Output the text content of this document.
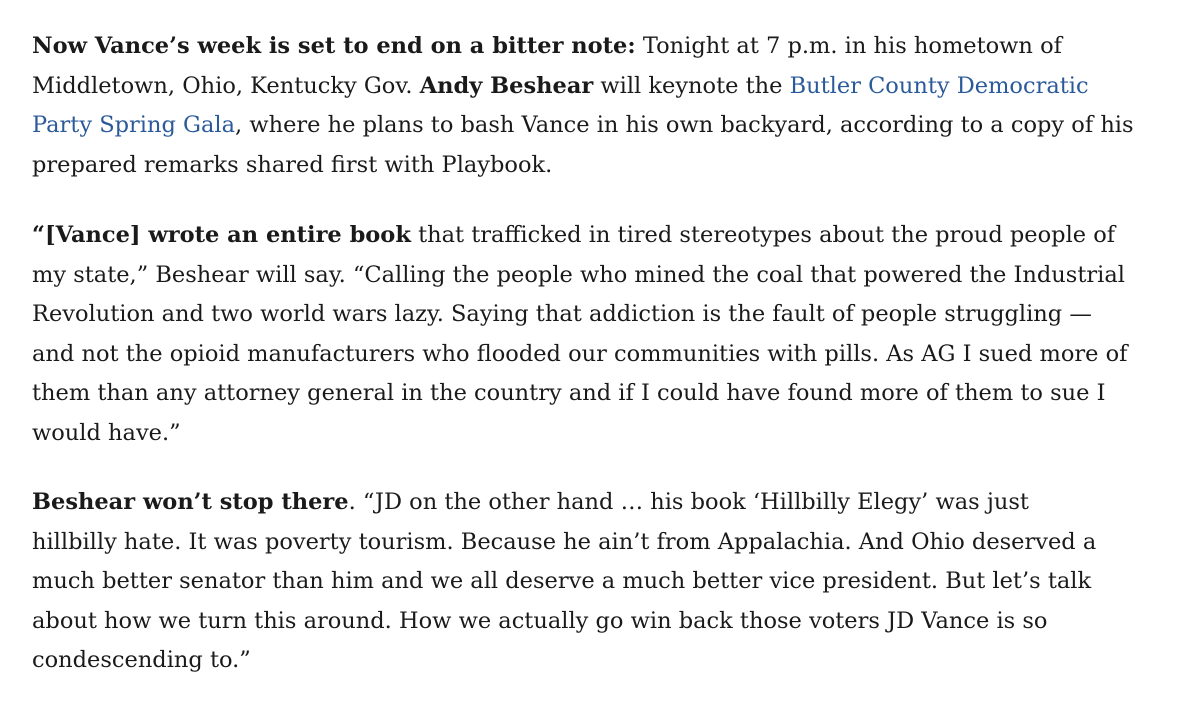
Now Vance’s week is set to end on a bitter note: Tonight at 7 p.m. in his hometown of
Middletown, Ohio, Kentucky Gov. Andy Beshear will keynote the Butler County Democratic
Party Spring Gala, where he plans to bash Vance in his own backyard, according to a copy of his
prepared remarks shared first with Playbook.

“[Vance] wrote an entire book that trafficked in tired stereotypes about the proud people of
my state,” Beshear will say. “Calling the people who mined the coal that powered the Industrial
Revolution and two world wars lazy. Saying that addiction is the fault of people struggling —
and not the opioid manufacturers who flooded our communities with pills. As AG I sued more of
them than any attorney general in the country and if I could have found more of them to sue I
would have.”

Beshear won’t stop there. “JD on the other hand … his book ‘Hillbilly Elegy’ was just
hillbilly hate. It was poverty tourism. Because he ain’t from Appalachia. And Ohio deserved a
much better senator than him and we all deserve a much better vice president. But let’s talk
about how we turn this around. How we actually go win back those voters JD Vance is so
condescending to.”
